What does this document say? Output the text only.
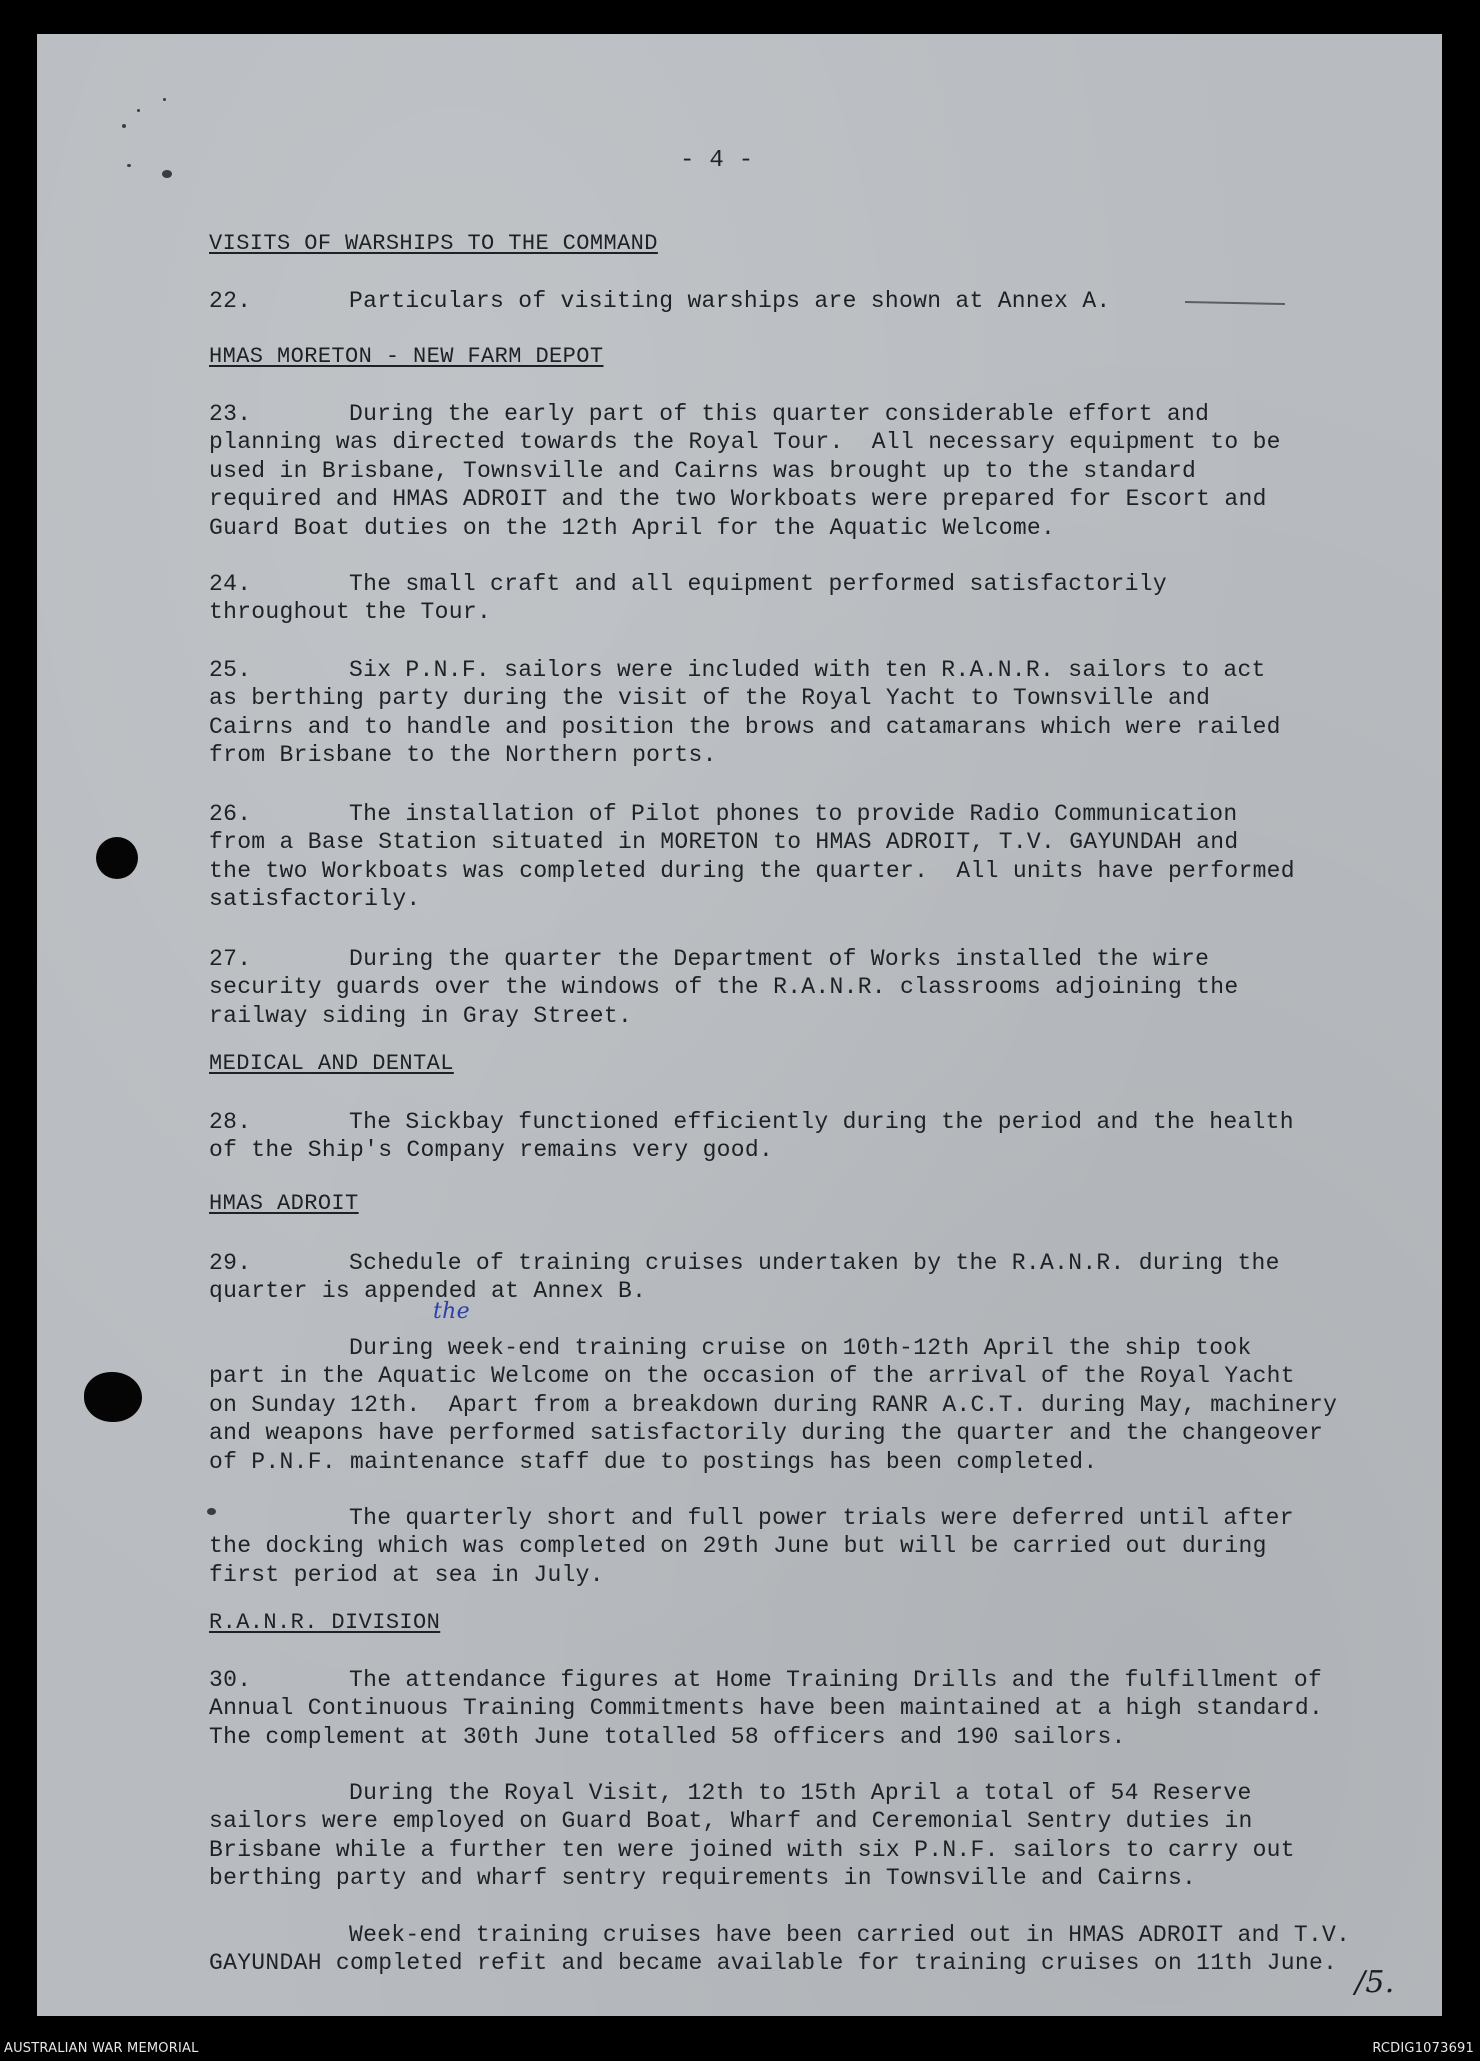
- 4 -
VISITS OF WARSHIPS TO THE COMMAND
22.	Particulars of visiting warships are shown at Annex A.
HMAS MORETON - NEW FARM DEPOT
23.	During the early part of this quarter considerable effort and
planning was directed towards the Royal Tour.  All necessary equipment to be
used in Brisbane, Townsville and Cairns was brought up to the standard
required and HMAS ADROIT and the two Workboats were prepared for Escort and
Guard Boat duties on the 12th April for the Aquatic Welcome.
24.	The small craft and all equipment performed satisfactorily
throughout the Tour.
25.	Six P.N.F. sailors were included with ten R.A.N.R. sailors to act
as berthing party during the visit of the Royal Yacht to Townsville and
Cairns and to handle and position the brows and catamarans which were railed
from Brisbane to the Northern ports.
26.	The installation of Pilot phones to provide Radio Communication
from a Base Station situated in MORETON to HMAS ADROIT, T.V. GAYUNDAH and
the two Workboats was completed during the quarter.  All units have performed
satisfactorily.
27.	During the quarter the Department of Works installed the wire
security guards over the windows of the R.A.N.R. classrooms adjoining the
railway siding in Gray Street.
MEDICAL AND DENTAL
28.	The Sickbay functioned efficiently during the period and the health
of the Ship's Company remains very good.
HMAS ADROIT
29.	Schedule of training cruises undertaken by the R.A.N.R. during the
quarter is appended at Annex B.
the
During week-end training cruise on 10th-12th April the ship took
part in the Aquatic Welcome on the occasion of the arrival of the Royal Yacht
on Sunday 12th.  Apart from a breakdown during RANR A.C.T. during May, machinery
and weapons have performed satisfactorily during the quarter and the changeover
of P.N.F. maintenance staff due to postings has been completed.
The quarterly short and full power trials were deferred until after
the docking which was completed on 29th June but will be carried out during
first period at sea in July.
R.A.N.R. DIVISION
30.	The attendance figures at Home Training Drills and the fulfillment of
Annual Continuous Training Commitments have been maintained at a high standard.
The complement at 30th June totalled 58 officers and 190 sailors.
During the Royal Visit, 12th to 15th April a total of 54 Reserve
sailors were employed on Guard Boat, Wharf and Ceremonial Sentry duties in
Brisbane while a further ten were joined with six P.N.F. sailors to carry out
berthing party and wharf sentry requirements in Townsville and Cairns.
Week-end training cruises have been carried out in HMAS ADROIT and T.V.
GAYUNDAH completed refit and became available for training cruises on 11th June.
/5.
AUSTRALIAN WAR MEMORIAL	RCDIG1073691
